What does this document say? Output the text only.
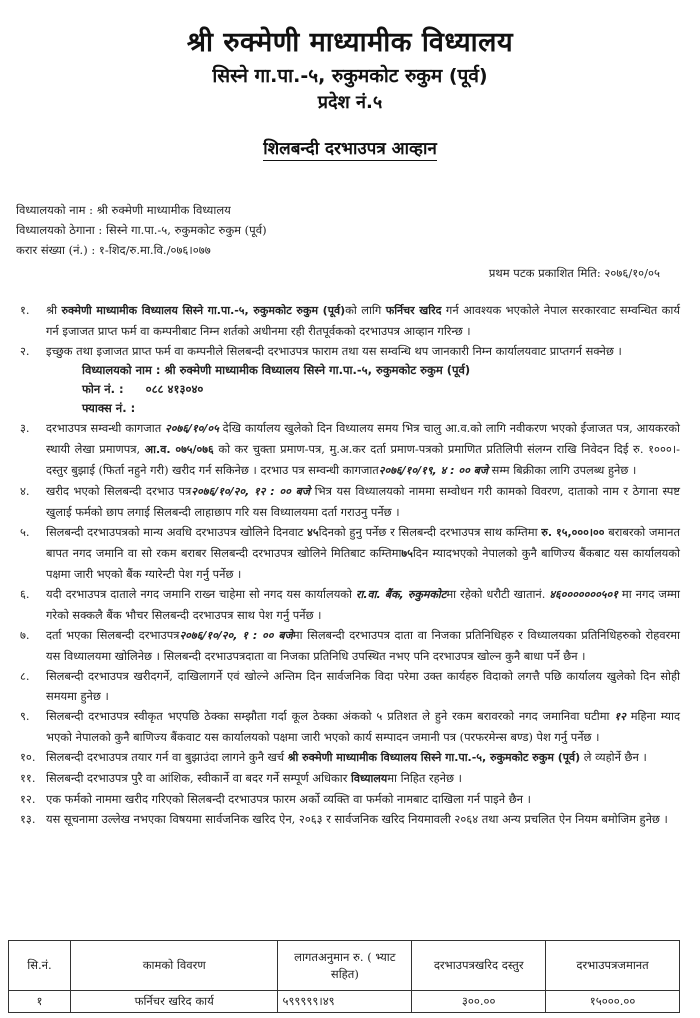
श्री रुक्मेणी माध्यामीक विध्यालय
सिस्ने गा.पा.-५, रुकुमकोट रुकुम (पूर्व)
प्रदेश नं.५
शिलबन्दी दरभाउपत्र आव्हान
विध्यालयको नाम : श्री रुक्मेणी माध्यामीक विध्यालय
विध्यालयको ठेगाना : सिस्ने गा.पा.-५, रुकुमकोट रुकुम (पूर्व)
करार संख्या (नं.) : १-शिद/रु.मा.वि./०७६।०७७
प्रथम पटक प्रकाशित मिति: २०७६/१०/०५
१.	श्री रुक्मेणी माध्यामीक विध्यालय सिस्ने गा.पा.-५, रुकुमकोट रुकुम (पूर्व)को लागि फर्निचर खरिद गर्न आवश्यक भएकोले नेपाल सरकारवाट सम्वन्धित कार्य गर्न इजाजत प्राप्त फर्म वा कम्पनीबाट निम्न शर्तको अधीनमा रही रीतपूर्वकको दरभाउपत्र आव्हान गरिन्छ ।
२.	इच्छुक तथा इजाजत प्राप्त फर्म वा कम्पनीले सिलबन्दी दरभाउपत्र फाराम तथा यस सम्वन्धि थप जानकारी निम्न कार्यालयवाट प्राप्तगर्न सक्नेछ ।
विध्यालयको नाम : श्री रुक्मेणी माध्यामीक विध्यालय सिस्ने गा.पा.-५, रुकुमकोट रुकुम (पूर्व)
फोन नं. : ०८८ ४१३०४०
फ्याक्स नं. :
३.	दरभाउपत्र सम्वन्धी कागजात २०७६/१०/०५ देखि कार्यालय खुलेको दिन विध्यालय समय भित्र चालु आ.व.को लागि नवीकरण भएको ईजाजत पत्र, आयकरको स्थायी लेखा प्रमाणपत्र, आ.व. ०७५/०७६ को कर चुक्ता प्रमाण-पत्र, मु.अ.कर दर्ता प्रमाण-पत्रको प्रमाणित प्रतिलिपी संलग्न राखि निवेदन दिई रु. १०००।- दस्तुर बुझाई (फिर्ता नहुने गरी) खरीद गर्न सकिनेछ । दरभाउ पत्र सम्वन्धी कागजात२०७६/१०/१९, ४ : ०० बजे सम्म बिक्रीका लागि उपलब्ध हुनेछ ।
४.	खरीद भएको सिलबन्दी दरभाउ पत्र२०७६/१०/२०, १२ : ०० बजे भित्र यस विध्यालयको नाममा सम्वोधन गरी कामको विवरण, दाताको नाम र ठेगाना स्पष्ट खुलाई फर्मको छाप लगाई सिलबन्दी लाहाछाप गरि यस विध्यालयमा दर्ता गराउनु पर्नेछ ।
५.	सिलबन्दी दरभाउपत्रको मान्य अवधि दरभाउपत्र खोलिने दिनवाट ४५दिनको हुनु पर्नेछ र सिलबन्दी दरभाउपत्र साथ कम्तिमा रु. १५,०००।०० बराबरको जमानत बापत नगद जमानि वा सो रकम बराबर सिलबन्दी दरभाउपत्र खोलिने मितिबाट कम्तिमा७५दिन म्यादभएको नेपालको कुनै बाणिज्य बैंकबाट यस कार्यालयको पक्षमा जारी भएको बैंक ग्यारेन्टी पेश गर्नु पर्नेछ ।
६.	यदी दरभाउपत्र दाताले नगद जमानि राख्न चाहेमा सो नगद यस कार्यालयको रा.वा. बैंक, रुकुमकोटमा रहेको धरौटी खातानं. ४६०००००००५०१ मा नगद जम्मा गरेको सक्कलै बैंक भौचर सिलबन्दी दरभाउपत्र साथ पेश गर्नु पर्नेछ ।
७.	दर्ता भएका सिलबन्दी दरभाउपत्र२०७६/१०/२०, १ : ०० बजेमा सिलबन्दी दरभाउपत्र दाता वा निजका प्रतिनिधिहरु र विध्यालयका प्रतिनिधिहरुको रोहवरमा यस विध्यालयमा खोलिनेछ । सिलबन्दी दरभाउपत्रदाता वा निजका प्रतिनिधि उपस्थित नभए पनि दरभाउपत्र खोल्न कुनै बाधा पर्ने छैन ।
८.	सिलबन्दी दरभाउपत्र खरीदगर्ने, दाखिलागर्ने एवं खोल्ने अन्तिम दिन सार्वजनिक विदा परेमा उक्त कार्यहरु विदाको लगत्तै पछि कार्यालय खुलेको दिन सोही समयमा हुनेछ ।
९.	सिलबन्दी दरभाउपत्र स्वीकृत भएपछि ठेक्का सम्झौता गर्दा कूल ठेक्का अंकको ५ प्रतिशत ले हुने रकम बरावरको नगद जमानिवा घटीमा १२ महिना म्याद भएको नेपालको कुनै बाणिज्य बैंकवाट यस कार्यालयको पक्षमा जारी भएको कार्य सम्पादन जमानी पत्र (परफरमेन्स बण्ड) पेश गर्नु पर्नेछ ।
१०. सिलबन्दी दरभाउपत्र तयार गर्न वा बुझाउंदा लागने कुनै खर्च श्री रुक्मेणी माध्यामीक विध्यालय सिस्ने गा.पा.-५, रुकुमकोट रुकुम (पूर्व) ले व्यहोर्ने छैन ।
११. सिलबन्दी दरभाउपत्र पुरै वा आंशिक, स्वीकार्ने वा बदर गर्ने सम्पूर्ण अधिकार विध्यालयमा निहित रहनेछ ।
१२. एक फर्मको नाममा खरीद गरिएको सिलबन्दी दरभाउपत्र फारम अर्को व्यक्ति वा फर्मको नामबाट दाखिला गर्न पाइने छैन ।
१३. यस सूचनामा उल्लेख नभएका विषयमा सार्वजनिक खरिद ऐन, २०६३ र सार्वजनिक खरिद नियमावली २०६४ तथा अन्य प्रचलित ऐन नियम बमोजिम हुनेछ ।
सि.नं.	कामको विवरण	लागतअनुमान रु. ( भ्याट सहित)	दरभाउपत्रखरिद दस्तुर	दरभाउपत्रजमानत
१	फर्निचर खरिद कार्य	५९९९९९।४९	३००.००	१५०००.००
